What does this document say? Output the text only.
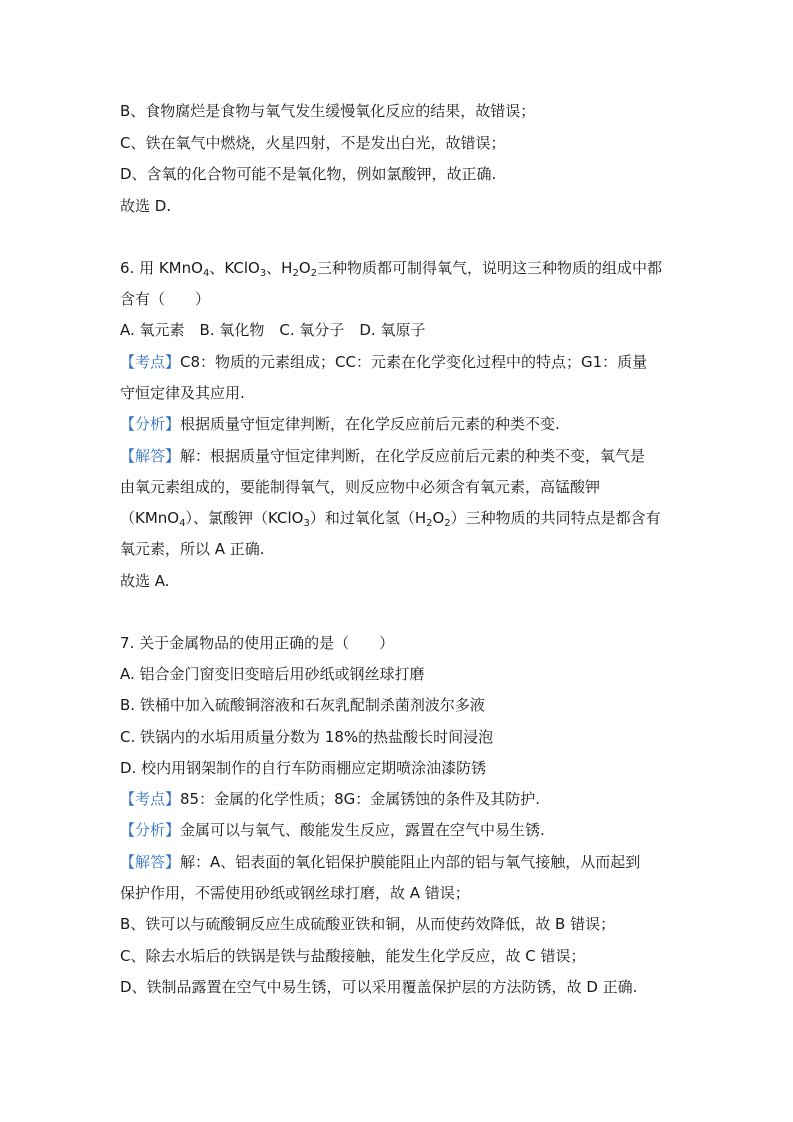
B、食物腐烂是食物与氧气发生缓慢氧化反应的结果，故错误；
C、铁在氧气中燃烧，火星四射，不是发出白光，故错误；
D、含氧的化合物可能不是氧化物，例如氯酸钾，故正确.
故选 D.
6. 用 KMnO$_4$、KClO$_3$、$H_2O_2$三种物质都可制得氧气，说明这三种物质的组成中都
含有（　　）
A. 氧元素　B. 氧化物　C. 氧分子　D. 氧原子
【考点】C8：物质的元素组成；CC：元素在化学变化过程中的特点；G1：质量
守恒定律及其应用.
【分析】根据质量守恒定律判断，在化学反应前后元素的种类不变.
【解答】解：根据质量守恒定律判断，在化学反应前后元素的种类不变，氧气是
由氧元素组成的，要能制得氧气，则反应物中必须含有氧元素，高锰酸钾
（KMnO$_4$）、氯酸钾（KClO$_3$）和过氧化氢$(H_2O_2)$三种物质的共同特点是都含有
氧元素，所以 A 正确.
故选 A.
7. 关于金属物品的使用正确的是（　　）
A. 铝合金门窗变旧变暗后用砂纸或钢丝球打磨
B. 铁桶中加入硫酸铜溶液和石灰乳配制杀菌剂波尔多液
C. 铁锅内的水垢用质量分数为 18%的热盐酸长时间浸泡
D. 校内用钢架制作的自行车防雨棚应定期喷涂油漆防锈
【考点】85：金属的化学性质；8G：金属锈蚀的条件及其防护.
【分析】金属可以与氧气、酸能发生反应，露置在空气中易生锈.
【解答】解：A、铝表面的氧化铝保护膜能阻止内部的铝与氧气接触，从而起到
保护作用，不需使用砂纸或钢丝球打磨，故 A 错误；
B、铁可以与硫酸铜反应生成硫酸亚铁和铜，从而使药效降低，故 B 错误；
C、除去水垢后的铁锅是铁与盐酸接触，能发生化学反应，故 C 错误；
D、铁制品露置在空气中易生锈，可以采用覆盖保护层的方法防锈，故 D 正确.
